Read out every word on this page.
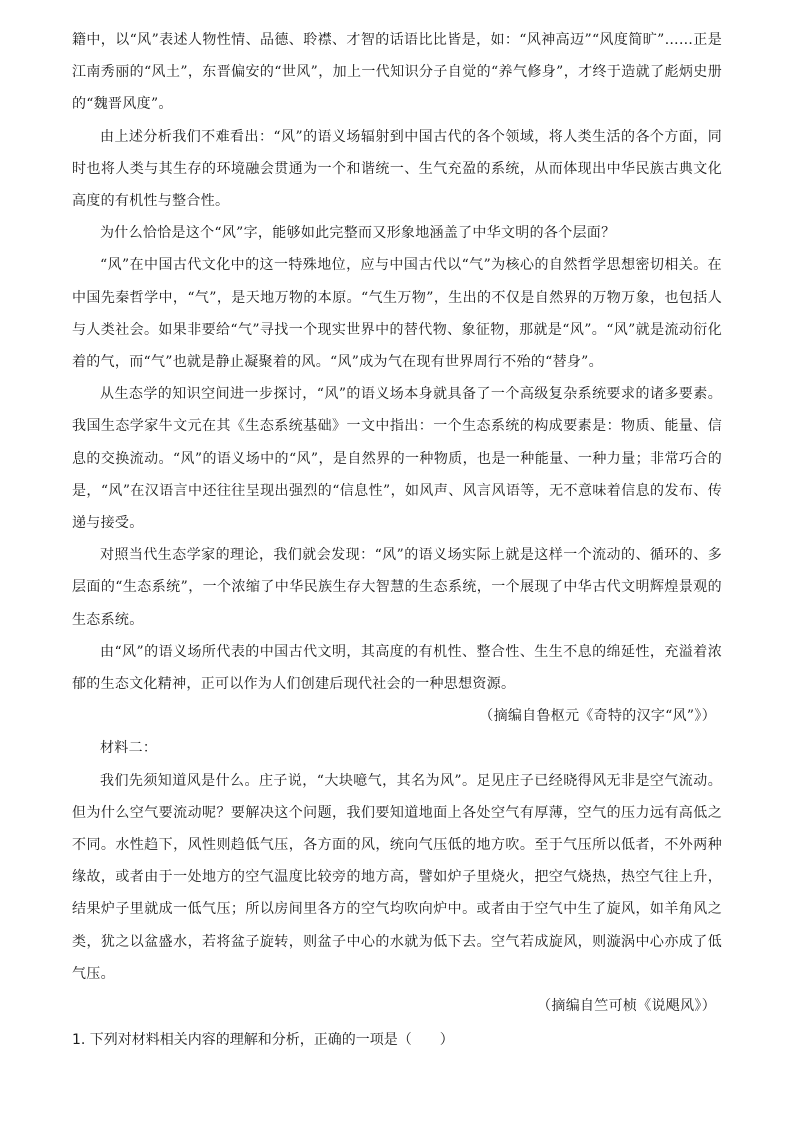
籍中，以“风”表述人物性情、品德、聆襟、才智的话语比比皆是，如：“风神高迈”“风度简旷”……正是江南秀丽的“风土”，东晋偏安的“世风”，加上一代知识分子自觉的“养气修身”，才终于造就了彪炳史册的“魏晋风度”。

由上述分析我们不难看出：“风”的语义场辐射到中国古代的各个领域，将人类生活的各个方面，同时也将人类与其生存的环境融会贯通为一个和谐统一、生气充盈的系统，从而体现出中华民族古典文化高度的有机性与整合性。

为什么恰恰是这个“风”字，能够如此完整而又形象地涵盖了中华文明的各个层面？

“风”在中国古代文化中的这一特殊地位，应与中国古代以“气”为核心的自然哲学思想密切相关。在中国先秦哲学中，“气”，是天地万物的本原。“气生万物”，生出的不仅是自然界的万物万象，也包括人与人类社会。如果非要给“气”寻找一个现实世界中的替代物、象征物，那就是“风”。“风”就是流动衍化着的气，而“气”也就是静止凝聚着的风。“风”成为气在现有世界周行不殆的“替身”。

从生态学的知识空间进一步探讨，“风”的语义场本身就具备了一个高级复杂系统要求的诸多要素。我国生态学家牛文元在其《生态系统基础》一文中指出：一个生态系统的构成要素是：物质、能量、信息的交换流动。“风”的语义场中的“风”，是自然界的一种物质，也是一种能量、一种力量；非常巧合的是，“风”在汉语言中还往往呈现出强烈的“信息性”，如风声、风言风语等，无不意味着信息的发布、传递与接受。

对照当代生态学家的理论，我们就会发现：“风”的语义场实际上就是这样一个流动的、循环的、多层面的“生态系统”，一个浓缩了中华民族生存大智慧的生态系统，一个展现了中华古代文明辉煌景观的生态系统。

由“风”的语义场所代表的中国古代文明，其高度的有机性、整合性、生生不息的绵延性，充溢着浓郁的生态文化精神，正可以作为人们创建后现代社会的一种思想资源。

（摘编自鲁枢元《奇特的汉字“风”》）

材料二：

我们先须知道风是什么。庄子说，“大块噫气，其名为风”。足见庄子已经晓得风无非是空气流动。但为什么空气要流动呢？要解决这个问题，我们要知道地面上各处空气有厚薄，空气的压力远有高低之不同。水性趋下，风性则趋低气压，各方面的风，统向气压低的地方吹。至于气压所以低者，不外两种缘故，或者由于一处地方的空气温度比较旁的地方高，譬如炉子里烧火，把空气烧热，热空气往上升，结果炉子里就成一低气压；所以房间里各方的空气均吹向炉中。或者由于空气中生了旋风，如羊角风之类，犹之以盆盛水，若将盆子旋转，则盆子中心的水就为低下去。空气若成旋风，则漩涡中心亦成了低气压。

（摘编自竺可桢《说飓风》）

1. 下列对材料相关内容的理解和分析，正确的一项是（　　）
